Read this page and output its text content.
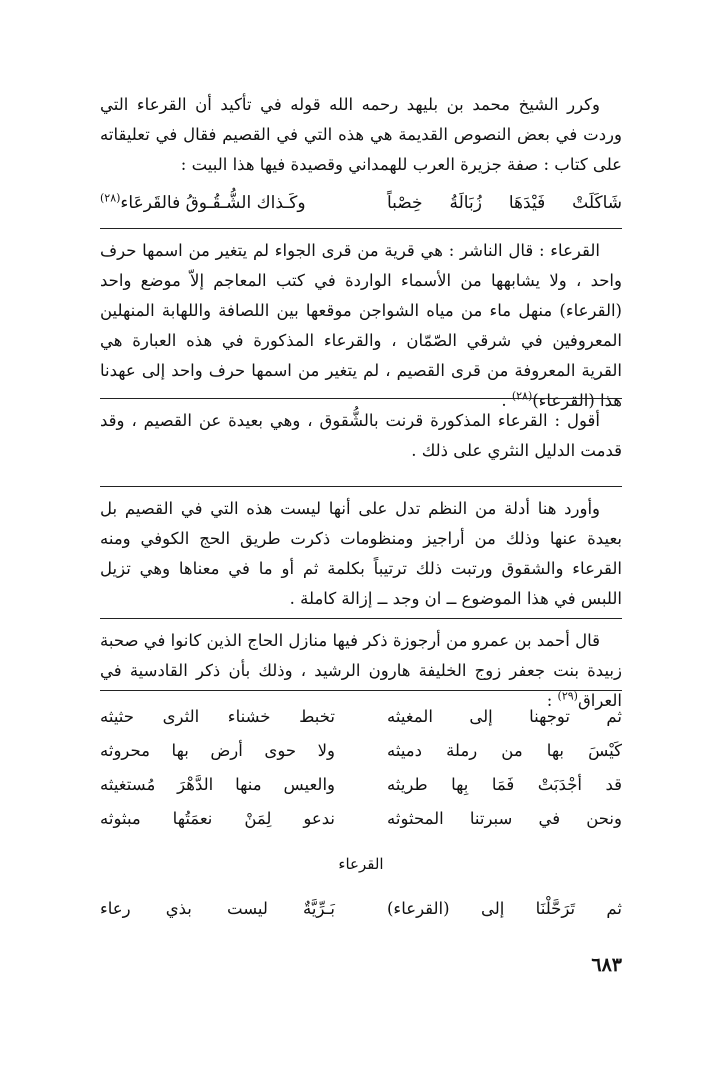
وكرر الشيخ محمد بن بليهد رحمه الله قوله في تأكيد أن القرعاء التي وردت في بعض النصوص القديمة هي هذه التي في القصيم فقال في تعليقاته على كتاب : صفة جزيرة العرب للهمداني وقصيدة فيها هذا البيت :
شَاكَلَتْ فَيْدَهَا زُبَالَةُ خِصْباً
وكَـذاك الشُّـقُـوقُ فالقَرعَاء$^{(٢٨)}$
القرعاء : قال الناشر : هي قرية من قرى الجواء لم يتغير من اسمها حرف واحد ، ولا يشابهها من الأسماء الواردة في كتب المعاجم إلاّ موضع واحد (القرعاء) منهل ماء من مياه الشواجن موقعها بين اللصافة واللهابة المنهلين المعروفين في شرقي الصّمّان ، والقرعاء المذكورة في هذه العبارة هي القرية المعروفة من قرى القصيم ، لم يتغير من اسمها حرف واحد إلى عهدنا هذا (القرعاء)$^{(٢٨)}$ .
أقول : القرعاء المذكورة قرنت بالشُّقوق ، وهي بعيدة عن القصيم ، وقد قدمت الدليل النثري على ذلك .
وأورد هنا أدلة من النظم تدل على أنها ليست هذه التي في القصيم بل بعيدة عنها وذلك من أراجيز ومنظومات ذكرت طريق الحج الكوفي ومنه القرعاء والشقوق ورتبت ذلك ترتيباً بكلمة ثم أو ما في معناها وهي تزيل اللبس في هذا الموضوع ــ ان وجد ــ إزالة كاملة .
قال أحمد بن عمرو من أرجوزة ذكر فيها منازل الحاج الذين كانوا في صحبة زبيدة بنت جعفر زوج الخليفة هارون الرشيد ، وذلك بأن ذكر القادسية في العراق$^{(٢٩)}$ :
ثم توجهنا إلى المغيثه
تخبط خشناء الثرى حثيثه
كَيْسَ بها من رملة دميثه
ولا حوى أرض بها محروثه
قد أجْدَبَتْ فَمَا بِها طريثه
والعيس منها الدَّهْرَ مُستغيثه
ونحن في سبرتنا المحثوثه
ندعو لِمَنْ نعمَتُها مبثوثه
القرعاء
ثم تَرَحَّلْنَا إلى (القرعاء)
بَـرِّيَّةٌ ليست بذي رعاء
٦٨٣
